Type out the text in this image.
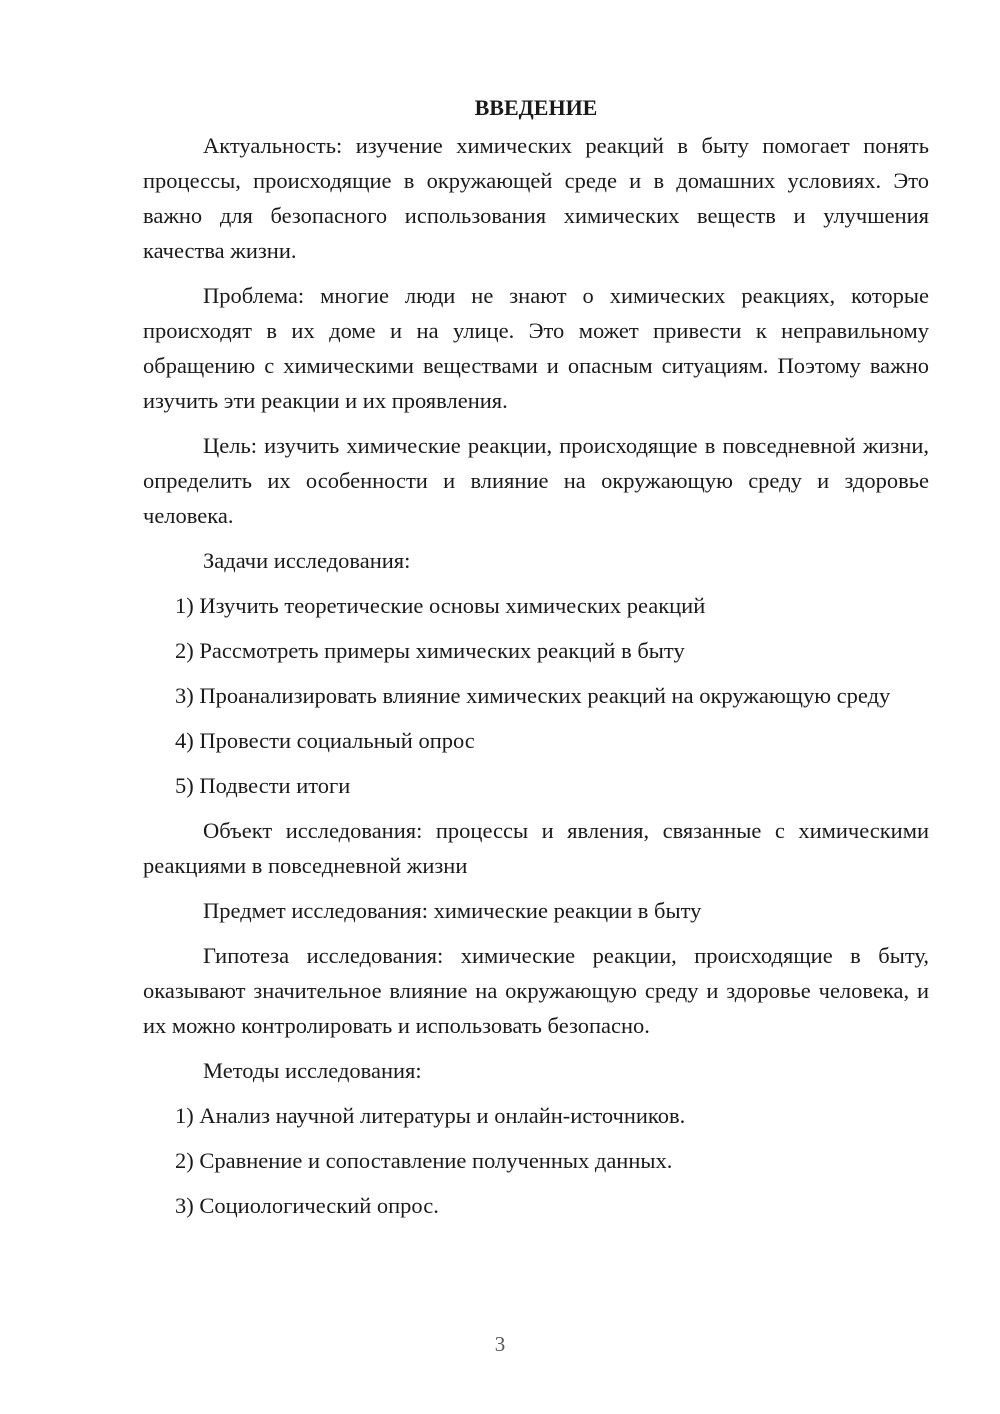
ВВЕДЕНИЕ

Актуальность: изучение химических реакций в быту помогает понять процессы, происходящие в окружающей среде и в домашних условиях. Это важно для безопасного использования химических веществ и улучшения качества жизни.

Проблема: многие люди не знают о химических реакциях, которые происходят в их доме и на улице. Это может привести к неправильному обращению с химическими веществами и опасным ситуациям. Поэтому важно изучить эти реакции и их проявления.

Цель: изучить химические реакции, происходящие в повседневной жизни, определить их особенности и влияние на окружающую среду и здоровье человека.

Задачи исследования:

1) Изучить теоретические основы химических реакций

2) Рассмотреть примеры химических реакций в быту

3) Проанализировать влияние химических реакций на окружающую среду

4) Провести социальный опрос

5) Подвести итоги

Объект исследования: процессы и явления, связанные с химическими реакциями в повседневной жизни

Предмет исследования: химические реакции в быту

Гипотеза исследования: химические реакции, происходящие в быту, оказывают значительное влияние на окружающую среду и здоровье человека, и их можно контролировать и использовать безопасно.

Методы исследования:

1) Анализ научной литературы и онлайн-источников.

2) Сравнение и сопоставление полученных данных.

3) Социологический опрос.

3
